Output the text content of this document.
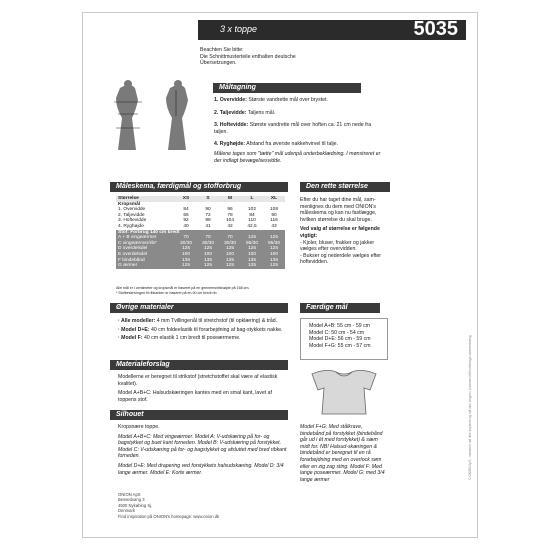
3 x toppe	5035
Beachten Sie bitte:
Die Schnittmusterteile enthalten deutsche
Übersetzungen.
Måltagning
1. Overvidde: Største vandrette mål over brystet.
2. Taljevidde: Taljens mål.
3. Hoftevidde: Største vandrette mål over hoften ca. 21 cm nede fra taljen.
4. Ryghøjde: Afstand fra øverste nakkehvirvel til talje.
Målene tages som "tætte" mål udenpå underbeklædning. I mønstreret er der indlagt bevægelsesvidde.
Måleskema, færdigmål og stofforbrug
Størrelse	XS	S	M	L	XL
Kropsmål					
1. Overvidde	84	90	96	102	108
2. Taljevidde	66	72	78	84	90
3. Hoftevidde	92	98	104	110	116
4. Ryghøjde	40	41	42	42,5	43
Stof: Forbrug 140 cm bredt					
A + B vingeærmer	70	70	70	125	125
C vingeærmer/rib*	30/30	30/30	30/30	95/30	95/30
D overdelsdel	125	125	125	125	125
E overdelsdel	100	100	100	100	100
F bindebånd	135	135	135	135	135
G ærmer	125	125	125	125	125
Alle mål er i centimeter og kropsmål er baseret på en gennemsnitshøjde på 168 cm.
* Stofbeskrivingen til ribkanten er baseret på en 90 cm bredt rib.
Den rette størrelse
Efter du har taget dine mål, sam-menlignes du dem med ONION's måleskema og kan nu fastlægge, hvilken størrelse du skal bruge.
Ved valg af størrelse er følgende vigtigt:
- Kjoler, bluser, frakker og jakker vælges efter overvidden.
- Bukser og nederdele vælges efter hoftevidden.
Øvrige materialer
· Alle modeller: 4 mm Tvillingenål til stretchstof (til opklæring) & tråd.
· Model D+E: 40 cm foldeelastik til forarbejdning af bag-stykkets nakke.
· Model F: 40 cm elastik 1 cm bredt til poseærmerne.
Færdige mål
Model A+B: 55 cm - 59 cm
Model C: 50 cm - 54 cm
Model D+E: 56 cm - 59 cm
Model F+G: 55 cm - 57 cm
Materialeforslag
Modellerne er beregnet til strikstof (stretchstoffet skal være af elastisk kvalitet).
Model A+B+C: Halsudskæringen kantes med en smal kant, lavet af toppens stof.
Silhouet
Kropsnære toppe.
Model A+B+C: Med vingeærmer. Model A: V-udskæring på for- og bagstykket og buet kant forneden. Model B: V-udskæring på forstykket. Model C: V-udskæring på for- og bagstykket og afsluttet med bred ribkant forneden.
Model D+E: Med drapering ved forstykkets halsudskæring. Model D: 3/4 lange ærmer. Model E: Korte ærmer.
Model F+G: Med stålkrave, bindebånd på forstykket (bindebånd går ud i ét med forstykket) & sæm midt for. NB! Halsud-skæringen & bindebånd er beregnet til en rå forarbejdning med en overlock søm eller en zig zag sting. Model F: Med lange poseærmer. Model G: med 3/4 lange ærmer
ONION ApS
Bessedvang 3
4500 Nykøbing Sj.
Denmark
Find inspiration på ONION's homepage: www.onion.dk
© ONION ApS - mønstret må ikke kopieres og må ikke bruges i kommercielt/forretnings-sammenhæng
